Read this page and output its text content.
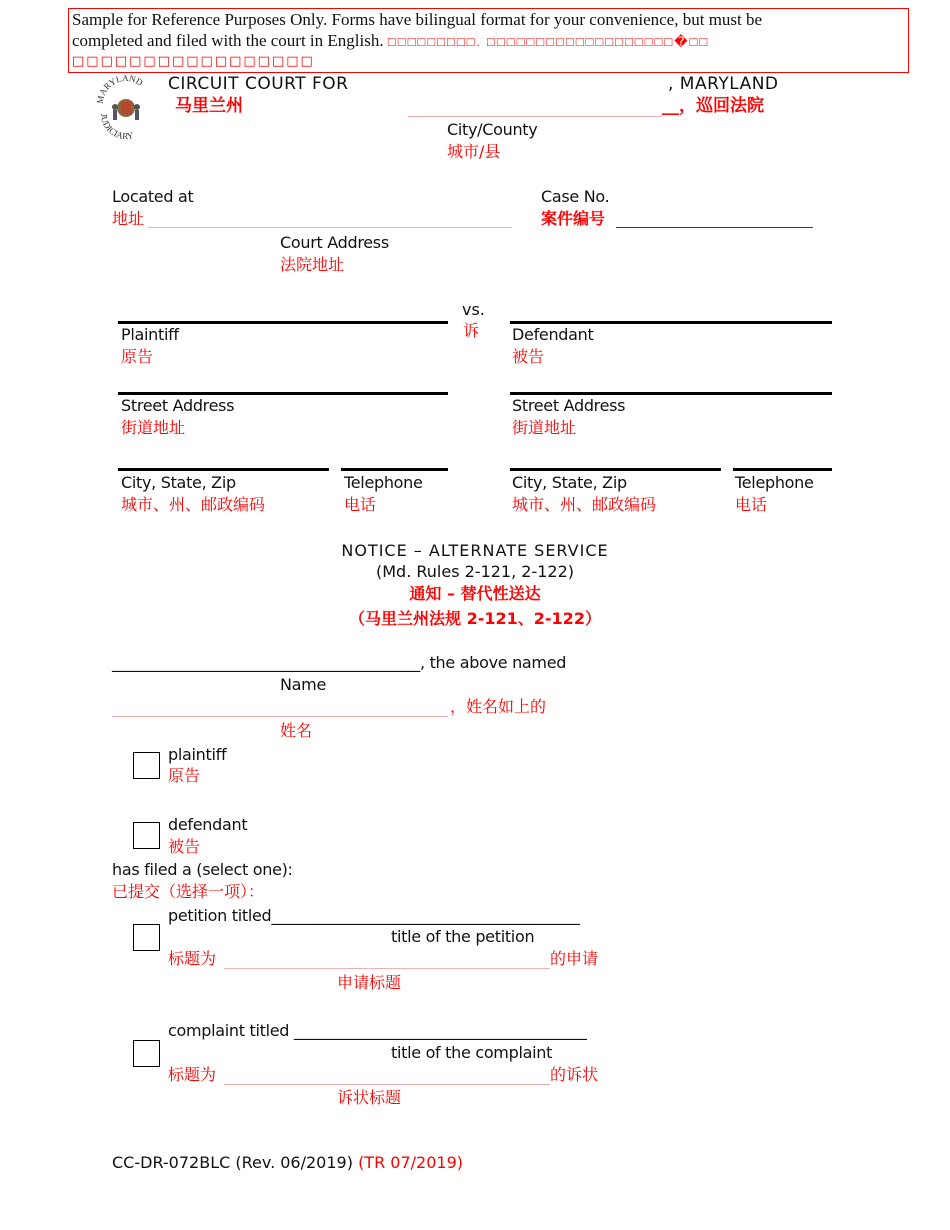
Sample for Reference Purposes Only. Forms have bilingual format for your convenience, but must be
completed and filed with the court in English. □□□□□□□□□. □□□□□□□□□□□□□□□□□□□�□□
□□□□□□□□□□□□□□□□□
MARYLAND
JUDICIARY
CIRCUIT COURT FOR	, MARYLAND
马里兰州	__，巡回法院
City/County
城市/县
Located at
地址
Court Address
法院地址
Case No.
案件编号
vs.
诉
Plaintiff
原告
Defendant
被告
Street Address
街道地址
Street Address
街道地址
City, State, Zip
城市、州、邮政编码
Telephone
电话
City, State, Zip
城市、州、邮政编码
Telephone
电话
NOTICE – ALTERNATE SERVICE
(Md. Rules 2-121, 2-122)
通知 – 替代性送达
（马里兰州法规 2-121、2-122）
________________________________________, the above named
Name
，姓名如上的
姓名
plaintiff
原告
defendant
被告
has filed a (select one):
已提交（选择一项）：
petition titled________________________________________
title of the petition
标题为	的申请
申请标题
complaint titled ______________________________________
title of the complaint
标题为	的诉状
诉状标题
CC-DR-072BLC (Rev. 06/2019) (TR 07/2019)
